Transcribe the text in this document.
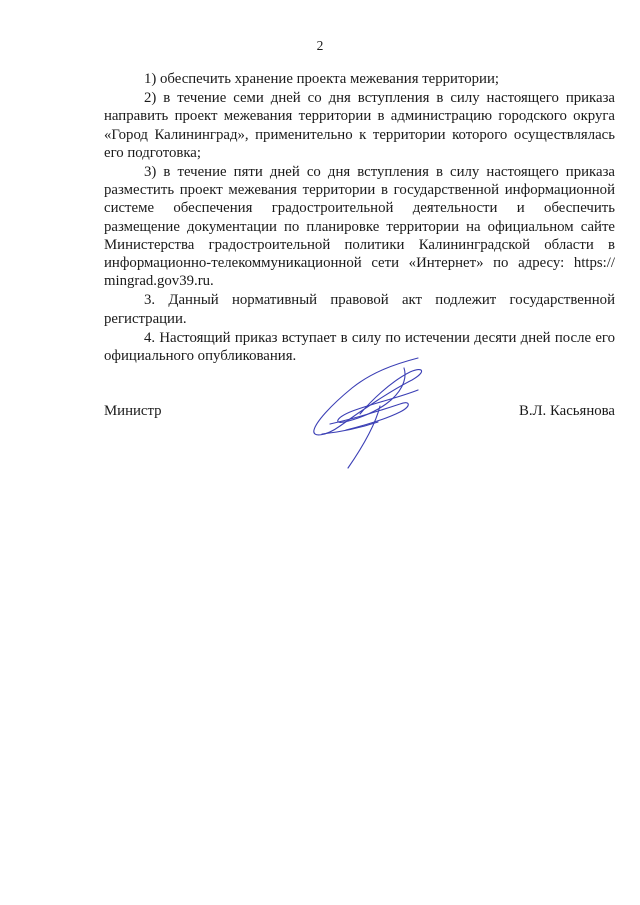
2

1) обеспечить хранение проекта межевания территории;

2) в течение семи дней со дня вступления в силу настоящего приказа направить проект межевания территории в администрацию городского округа «Город Калининград», применительно к территории которого осуществлялась его подготовка;

3) в течение пяти дней со дня вступления в силу настоящего приказа разместить проект межевания территории в государственной информационной системе обеспечения градостроительной деятельности и обеспечить размещение документации по планировке территории на официальном сайте Министерства градостроительной политики Калининградской области в информационно-телекоммуникационной сети «Интернет» по адресу: https:// mingrad.gov39.ru.

3. Данный нормативный правовой акт подлежит государственной регистрации.

4. Настоящий приказ вступает в силу по истечении десяти дней после его официального опубликования.

Министр	В.Л. Касьянова
